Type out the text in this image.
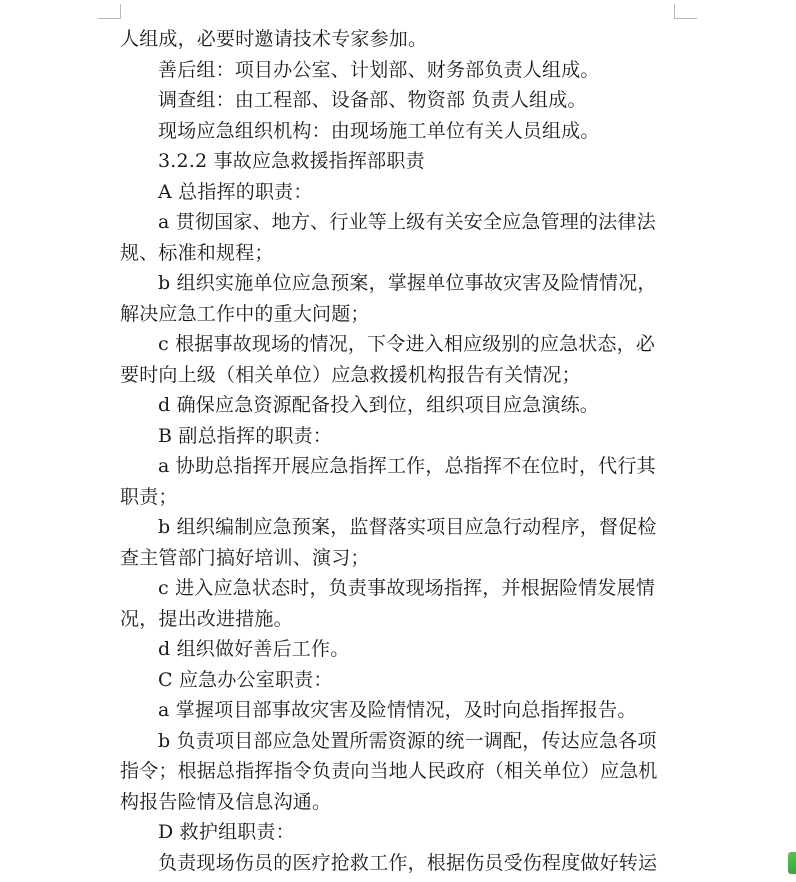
人组成，必要时邀请技术专家参加。

善后组：项目办公室、计划部、财务部负责人组成。

调查组：由工程部、设备部、物资部 负责人组成。

现场应急组织机构：由现场施工单位有关人员组成。

3.2.2 事故应急救援指挥部职责

A 总指挥的职责：

a 贯彻国家、地方、行业等上级有关安全应急管理的法律法规、标准和规程；

b 组织实施单位应急预案，掌握单位事故灾害及险情情况，解决应急工作中的重大问题；

c 根据事故现场的情况，下令进入相应级别的应急状态，必要时向上级（相关单位）应急救援机构报告有关情况；

d 确保应急资源配备投入到位，组织项目应急演练。

B 副总指挥的职责：

a 协助总指挥开展应急指挥工作，总指挥不在位时，代行其职责；

b 组织编制应急预案，监督落实项目应急行动程序，督促检查主管部门搞好培训、演习；

c 进入应急状态时，负责事故现场指挥，并根据险情发展情况，提出改进措施。

d 组织做好善后工作。

C 应急办公室职责：

a 掌握项目部事故灾害及险情情况，及时向总指挥报告。

b 负责项目部应急处置所需资源的统一调配，传达应急各项指令；根据总指挥指令负责向当地人民政府（相关单位）应急机构报告险情及信息沟通。

D 救护组职责：

负责现场伤员的医疗抢救工作，根据伤员受伤程度做好转运
